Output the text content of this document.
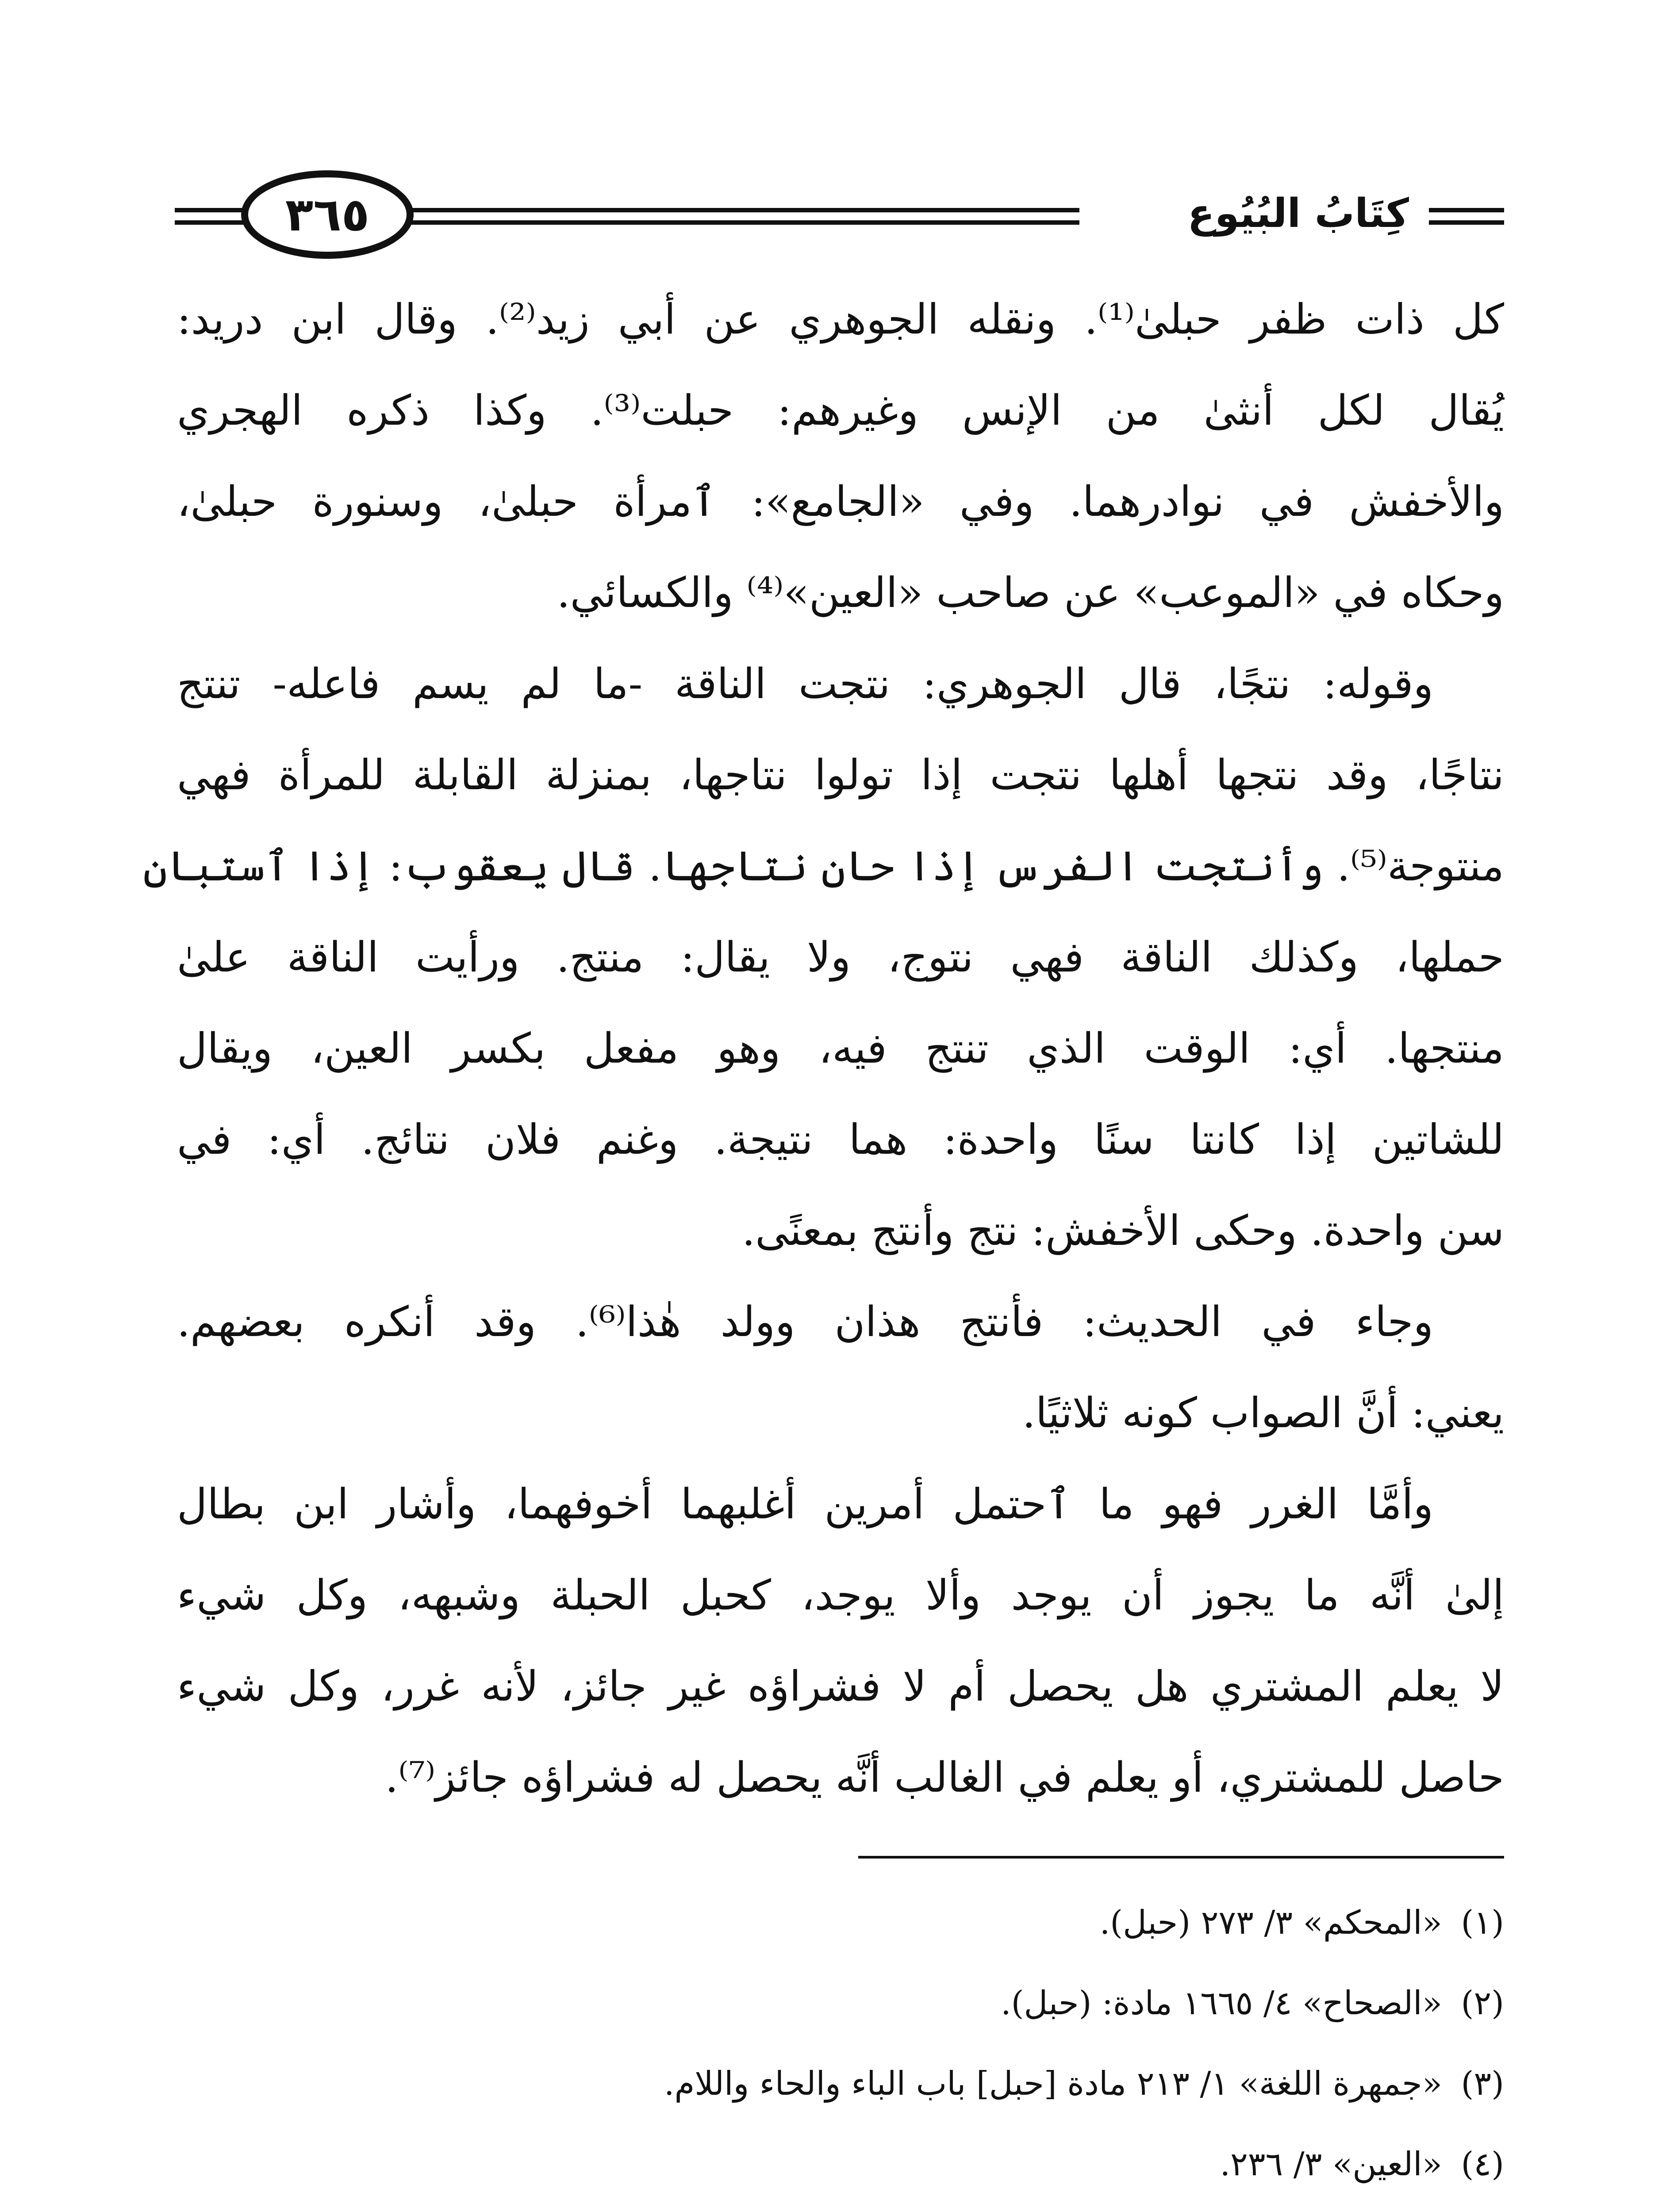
٣٦٥	كِتَابُ البُيُوع
كل ذات ظفر حبلىٰ⁽¹⁾. ونقله الجوهري عن أبي زيد⁽²⁾. وقال ابن دريد:
يُقال لكل أنثىٰ من الإنس وغيرهم: حبلت⁽³⁾. وكذا ذكره الهجري
والأخفش في نوادرهما. وفي «الجامع»: ٱمرأة حبلىٰ، وسنورة حبلىٰ،
وحكاه في «الموعب» عن صاحب «العين»⁽⁴⁾ والكسائي.
وقوله: نتجًا، قال الجوهري: نتجت الناقة -ما لم يسم فاعله- تنتج
نتاجًا، وقد نتجها أهلها نتجت إذا تولوا نتاجها، بمنزلة القابلة للمرأة فهي
منتوجة⁽⁵⁾. وأنتجت الفرس إذا حان نتاجها. قال يعقوب: إذا ٱستبان
حملها، وكذلك الناقة فهي نتوج، ولا يقال: منتج. ورأيت الناقة علىٰ
منتجها. أي: الوقت الذي تنتج فيه، وهو مفعل بكسر العين، ويقال
للشاتين إذا كانتا سنًا واحدة: هما نتيجة. وغنم فلان نتائج. أي: في
سن واحدة. وحكى الأخفش: نتج وأنتج بمعنًى.
وجاء في الحديث: فأنتج هذان وولد هٰذا⁽⁶⁾. وقد أنكره بعضهم.
يعني: أنَّ الصواب كونه ثلاثيًا.
وأمَّا الغرر فهو ما ٱحتمل أمرين أغلبهما أخوفهما، وأشار ابن بطال
إلىٰ أنَّه ما يجوز أن يوجد وألا يوجد، كحبل الحبلة وشبهه، وكل شيء
لا يعلم المشتري هل يحصل أم لا فشراؤه غير جائز، لأنه غرر، وكل شيء
حاصل للمشتري، أو يعلم في الغالب أنَّه يحصل له فشراؤه جائز⁽⁷⁾.
(١)«المحكم» ٣/ ٢٧٣ (حبل).
(٢)«الصحاح» ٤/ ١٦٦٥ مادة: (حبل).
(٣)«جمهرة اللغة» ١/ ٢١٣ مادة [حبل] باب الباء والحاء واللام.
(٤)«العين» ٣/ ٢٣٦.
